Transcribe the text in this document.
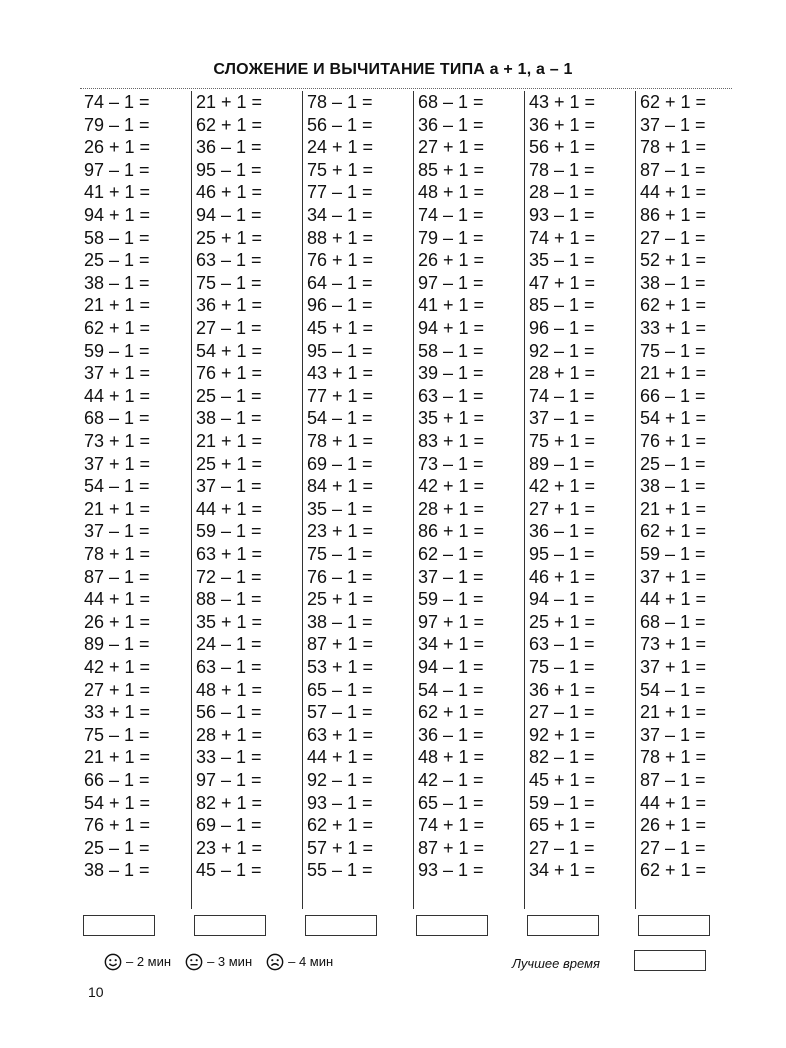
СЛОЖЕНИЕ И ВЫЧИТАНИЕ ТИПА а + 1, а – 1
74 – 1 =
79 – 1 =
26 + 1 =
97 – 1 =
41 + 1 =
94 + 1 =
58 – 1 =
25 – 1 =
38 – 1 =
21 + 1 =
62 + 1 =
59 – 1 =
37 + 1 =
44 + 1 =
68 – 1 =
73 + 1 =
37 + 1 =
54 – 1 =
21 + 1 =
37 – 1 =
78 + 1 =
87 – 1 =
44 + 1 =
26 + 1 =
89 – 1 =
42 + 1 =
27 + 1 =
33 + 1 =
75 – 1 =
21 + 1 =
66 – 1 =
54 + 1 =
76 + 1 =
25 – 1 =
38 – 1 =
21 + 1 =
62 + 1 =
36 – 1 =
95 – 1 =
46 + 1 =
94 – 1 =
25 + 1 =
63 – 1 =
75 – 1 =
36 + 1 =
27 – 1 =
54 + 1 =
76 + 1 =
25 – 1 =
38 – 1 =
21 + 1 =
25 + 1 =
37 – 1 =
44 + 1 =
59 – 1 =
63 + 1 =
72 – 1 =
88 – 1 =
35 + 1 =
24 – 1 =
63 – 1 =
48 + 1 =
56 – 1 =
28 + 1 =
33 – 1 =
97 – 1 =
82 + 1 =
69 – 1 =
23 + 1 =
45 – 1 =
78 – 1 =
56 – 1 =
24 + 1 =
75 + 1 =
77 – 1 =
34 – 1 =
88 + 1 =
76 + 1 =
64 – 1 =
96 – 1 =
45 + 1 =
95 – 1 =
43 + 1 =
77 + 1 =
54 – 1 =
78 + 1 =
69 – 1 =
84 + 1 =
35 – 1 =
23 + 1 =
75 – 1 =
76 – 1 =
25 + 1 =
38 – 1 =
87 + 1 =
53 + 1 =
65 – 1 =
57 – 1 =
63 + 1 =
44 + 1 =
92 – 1 =
93 – 1 =
62 + 1 =
57 + 1 =
55 – 1 =
68 – 1 =
36 – 1 =
27 + 1 =
85 + 1 =
48 + 1 =
74 – 1 =
79 – 1 =
26 + 1 =
97 – 1 =
41 + 1 =
94 + 1 =
58 – 1 =
39 – 1 =
63 – 1 =
35 + 1 =
83 + 1 =
73 – 1 =
42 + 1 =
28 + 1 =
86 + 1 =
62 – 1 =
37 – 1 =
59 – 1 =
97 + 1 =
34 + 1 =
94 – 1 =
54 – 1 =
62 + 1 =
36 – 1 =
48 + 1 =
42 – 1 =
65 – 1 =
74 + 1 =
87 + 1 =
93 – 1 =
43 + 1 =
36 + 1 =
56 + 1 =
78 – 1 =
28 – 1 =
93 – 1 =
74 + 1 =
35 – 1 =
47 + 1 =
85 – 1 =
96 – 1 =
92 – 1 =
28 + 1 =
74 – 1 =
37 – 1 =
75 + 1 =
89 – 1 =
42 + 1 =
27 + 1 =
36 – 1 =
95 – 1 =
46 + 1 =
94 – 1 =
25 + 1 =
63 – 1 =
75 – 1 =
36 + 1 =
27 – 1 =
92 + 1 =
82 – 1 =
45 + 1 =
59 – 1 =
65 + 1 =
27 – 1 =
34 + 1 =
62 + 1 =
37 – 1 =
78 + 1 =
87 – 1 =
44 + 1 =
86 + 1 =
27 – 1 =
52 + 1 =
38 – 1 =
62 + 1 =
33 + 1 =
75 – 1 =
21 + 1 =
66 – 1 =
54 + 1 =
76 + 1 =
25 – 1 =
38 – 1 =
21 + 1 =
62 + 1 =
59 – 1 =
37 + 1 =
44 + 1 =
68 – 1 =
73 + 1 =
37 + 1 =
54 – 1 =
21 + 1 =
37 – 1 =
78 + 1 =
87 – 1 =
44 + 1 =
26 + 1 =
27 – 1 =
62 + 1 =
– 2 мин	– 3 мин	– 4 мин	Лучшее время
10
